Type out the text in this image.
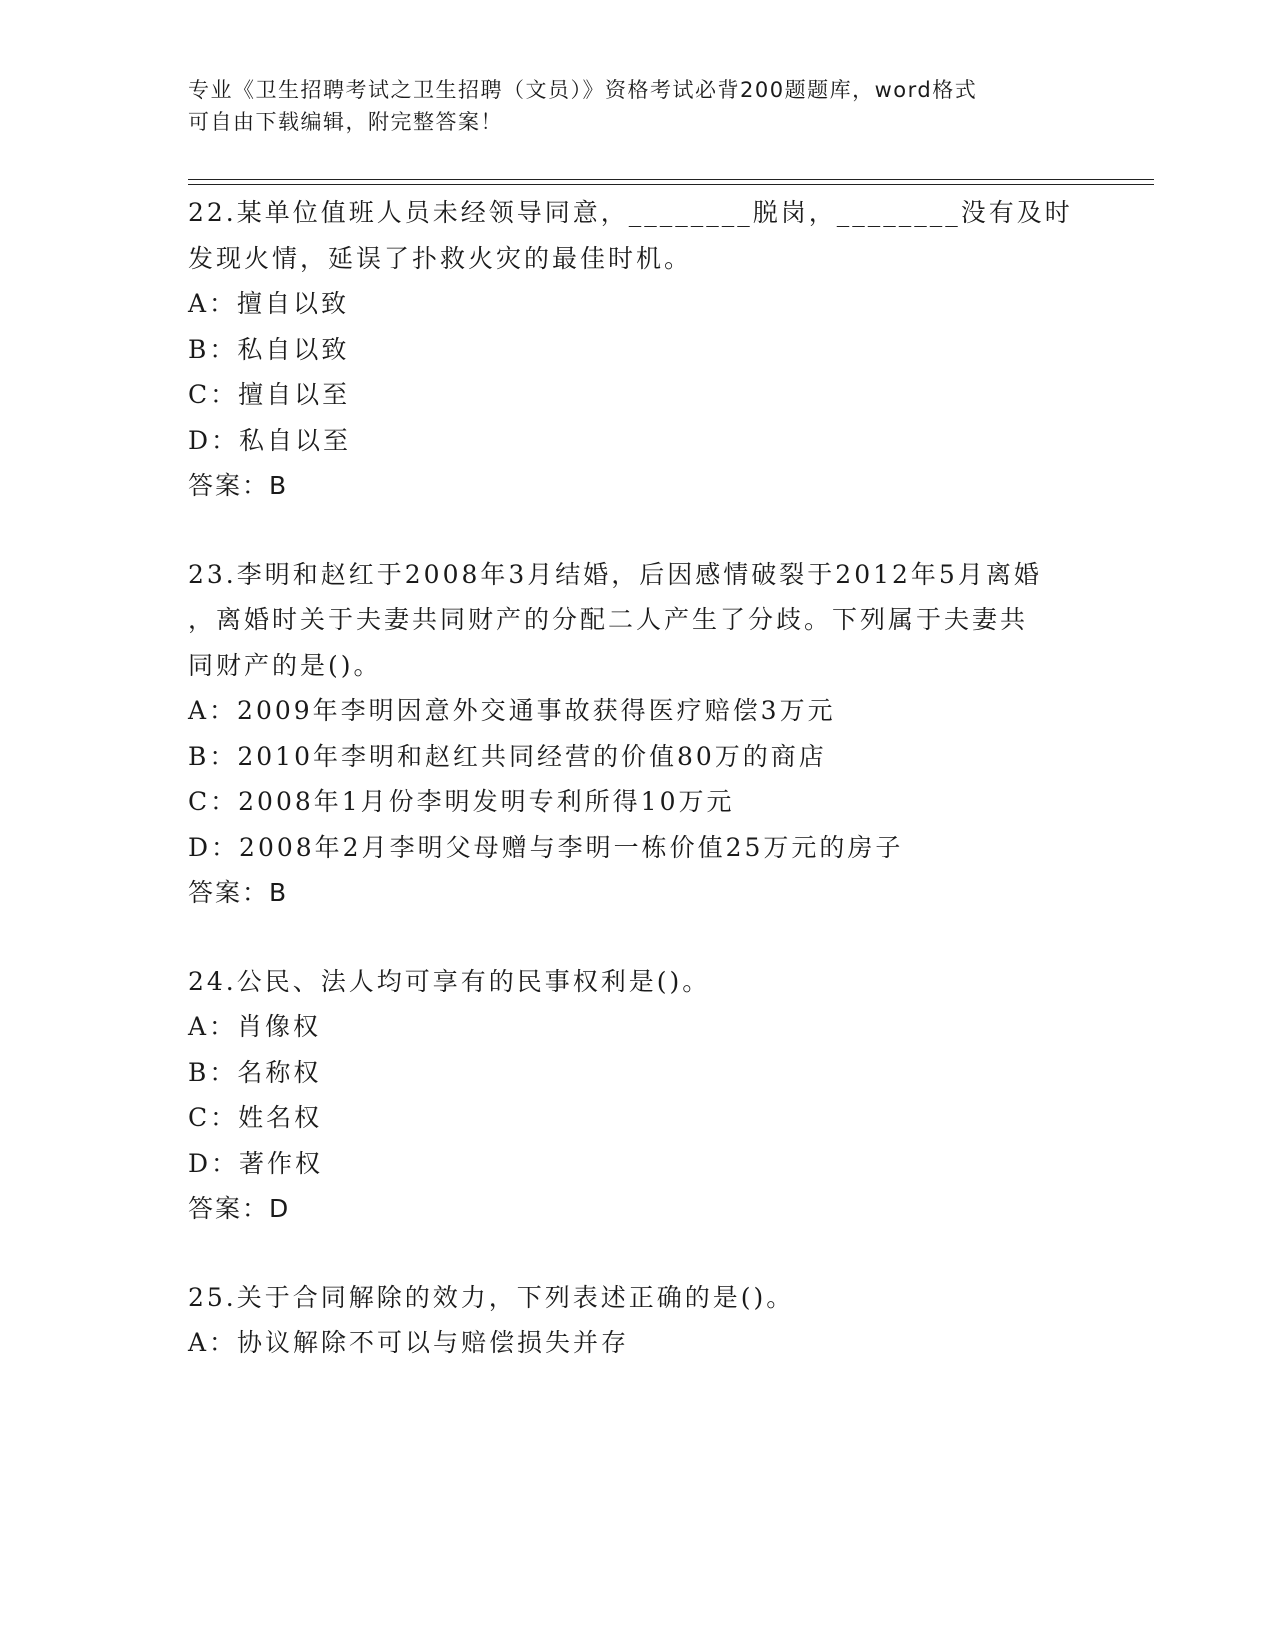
专业《卫生招聘考试之卫生招聘（文员）》资格考试必背200题题库，word格式
可自由下载编辑，附完整答案！
22.某单位值班人员未经领导同意，________脱岗，________没有及时
发现火情，延误了扑救火灾的最佳时机。
A：擅自以致
B：私自以致
C：擅自以至
D：私自以至
答案：B
23.李明和赵红于2008年3月结婚，后因感情破裂于2012年5月离婚
，离婚时关于夫妻共同财产的分配二人产生了分歧。下列属于夫妻共
同财产的是()。
A：2009年李明因意外交通事故获得医疗赔偿3万元
B：2010年李明和赵红共同经营的价值80万的商店
C：2008年1月份李明发明专利所得10万元
D：2008年2月李明父母赠与李明一栋价值25万元的房子
答案：B
24.公民、法人均可享有的民事权利是()。
A：肖像权
B：名称权
C：姓名权
D：著作权
答案：D
25.关于合同解除的效力，下列表述正确的是()。
A：协议解除不可以与赔偿损失并存
